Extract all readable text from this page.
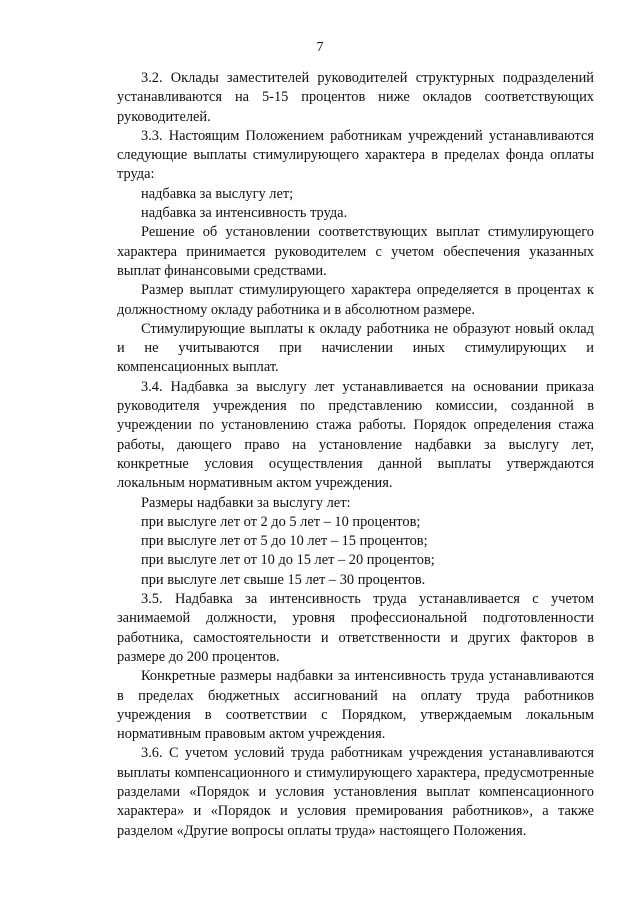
7

3.2. Оклады заместителей руководителей структурных подразделений устанавливаются на 5-15 процентов ниже окладов соответствующих руководителей.

3.3. Настоящим Положением работникам учреждений устанавливаются следующие выплаты стимулирующего характера в пределах фонда оплаты труда:

надбавка за выслугу лет;

надбавка за интенсивность труда.

Решение об установлении соответствующих выплат стимулирующего характера принимается руководителем с учетом обеспечения указанных выплат финансовыми средствами.

Размер выплат стимулирующего характера определяется в процентах к должностному окладу работника и в абсолютном размере.

Стимулирующие выплаты к окладу работника не образуют новый оклад и не учитываются при начислении иных стимулирующих и компенсационных выплат.

3.4. Надбавка за выслугу лет устанавливается на основании приказа руководителя учреждения по представлению комиссии, созданной в учреждении по установлению стажа работы. Порядок определения стажа работы, дающего право на установление надбавки за выслугу лет, конкретные условия осуществления данной выплаты утверждаются локальным нормативным актом учреждения.

Размеры надбавки за выслугу лет:

при выслуге лет от 2 до 5 лет – 10 процентов;

при выслуге лет от 5 до 10 лет – 15 процентов;

при выслуге лет от 10 до 15 лет – 20 процентов;

при выслуге лет свыше 15 лет – 30 процентов.

3.5. Надбавка за интенсивность труда устанавливается с учетом занимаемой должности, уровня профессиональной подготовленности работника, самостоятельности и ответственности и других факторов в размере до 200 процентов.

Конкретные размеры надбавки за интенсивность труда устанавливаются в пределах бюджетных ассигнований на оплату труда работников учреждения в соответствии с Порядком, утверждаемым локальным нормативным правовым актом учреждения.

3.6. С учетом условий труда работникам учреждения устанавливаются выплаты компенсационного и стимулирующего характера, предусмотренные разделами «Порядок и условия установления выплат компенсационного характера» и «Порядок и условия премирования работников», а также разделом «Другие вопросы оплаты труда» настоящего Положения.
